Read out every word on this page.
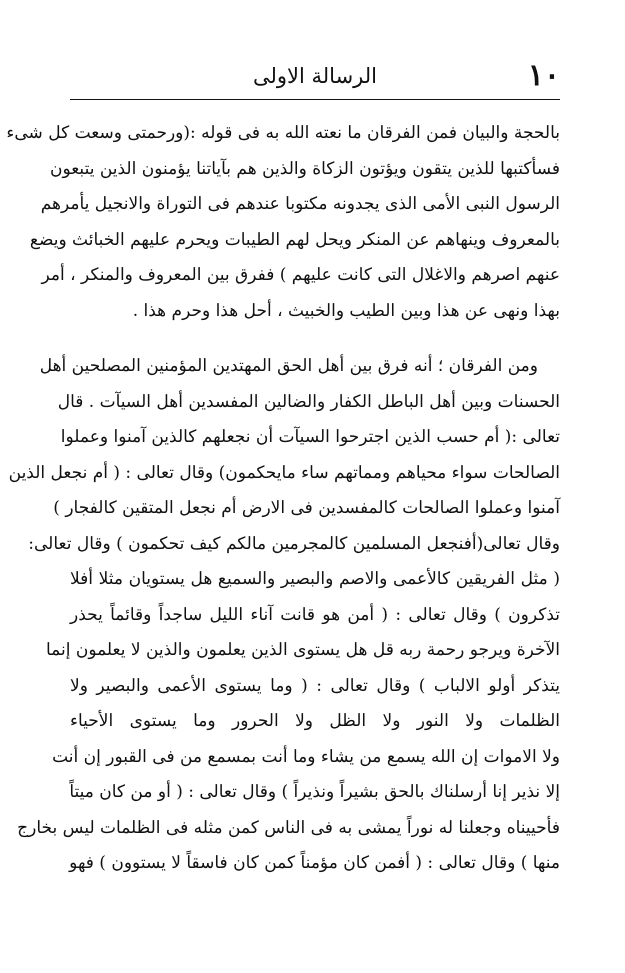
١٠
الرسالة الاولى
بالحجة والبيان فمن الفرقان ما نعته الله به فى قوله :(ورحمتى وسعت كل شىء
فسأكتبها للذين يتقون ويؤتون الزكاة والذين هم بآياتنا يؤمنون الذين يتبعون
الرسول النبى الأمى الذى يجدونه مكتوبا عندهم فى التوراة والانجيل يأمرهم
بالمعروف وينهاهم عن المنكر ويحل لهم الطيبات ويحرم عليهم الخبائث ويضع
عنهم اصرهم والاغلال التى كانت عليهم ) ففرق بين المعروف والمنكر ، أمر
بهذا ونهى عن هذا وبين الطيب والخبيث ، أحل هذا وحرم هذا .
ومن الفرقان ؛ أنه فرق بين أهل الحق المهتدين المؤمنين المصلحين أهل
الحسنات وبين أهل الباطل الكفار والضالين المفسدين أهل السيآت . قال
تعالى :( أم حسب الذين اجترحوا السيآت أن نجعلهم كالذين آمنوا وعملوا
الصالحات سواء محياهم ومماتهم ساء مايحكمون) وقال تعالى : ( أم نجعل الذين
آمنوا وعملوا الصالحات كالمفسدين فى الارض أم نجعل المتقين كالفجار )
وقال تعالى(أفنجعل المسلمين كالمجرمين مالكم كيف تحكمون ) وقال تعالى:
( مثل الفريقين كالأعمى والاصم والبصير والسميع هل يستويان مثلا أفلا
تذكرون ) وقال تعالى : ( أمن هو قانت آناء الليل ساجداً وقائماً يحذر
الآخرة ويرجو رحمة ربه قل هل يستوى الذين يعلمون والذين لا يعلمون إنما
يتذكر أولو الالباب ) وقال تعالى : ( وما يستوى الأعمى والبصير ولا
الظلمات ولا النور ولا الظل ولا الحرور وما يستوى الأحياء
ولا الاموات إن الله يسمع من يشاء وما أنت بمسمع من فى القبور إن أنت
إلا نذير إنا أرسلناك بالحق بشيراً ونذيراً ) وقال تعالى : ( أو من كان ميتاً
فأحييناه وجعلنا له نوراً يمشى به فى الناس كمن مثله فى الظلمات ليس بخارج
منها ) وقال تعالى : ( أفمن كان مؤمناً كمن كان فاسقاً لا يستوون ) فهو
